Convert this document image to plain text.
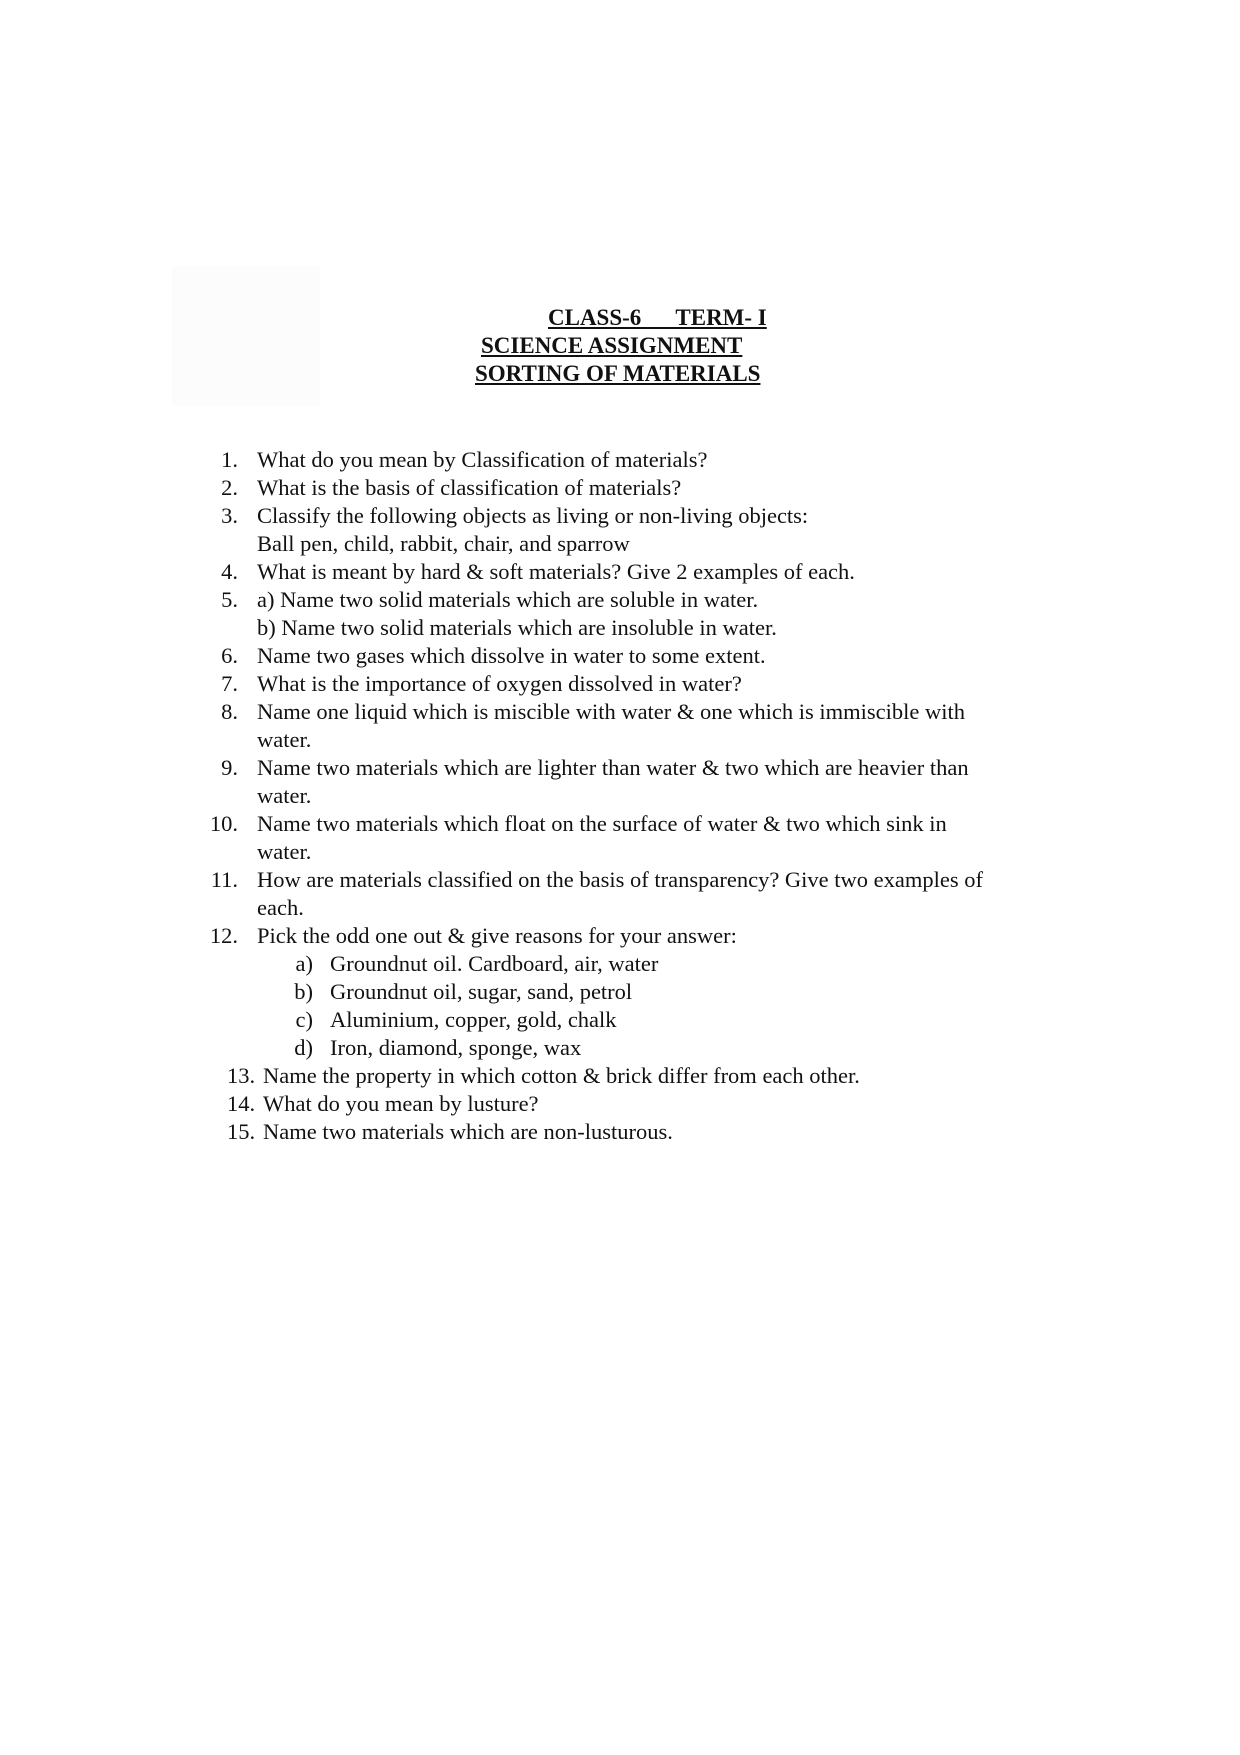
CLASS-6      TERM- I
SCIENCE ASSIGNMENT
SORTING OF MATERIALS
1. What do you mean by Classification of materials?
2. What is the basis of classification of materials?
3. Classify the following objects as living or non-living objects:
Ball pen, child, rabbit, chair, and sparrow
4. What is meant by hard & soft materials? Give 2 examples of each.
5. a) Name two solid materials which are soluble in water.
b) Name two solid materials which are insoluble in water.
6. Name two gases which dissolve in water to some extent.
7. What is the importance of oxygen dissolved in water?
8. Name one liquid which is miscible with water & one which is immiscible with
water.
9. Name two materials which are lighter than water & two which are heavier than
water.
10. Name two materials which float on the surface of water & two which sink in
water.
11. How are materials classified on the basis of transparency? Give two examples of
each.
12. Pick the odd one out & give reasons for your answer:
a) Groundnut oil. Cardboard, air, water
b) Groundnut oil, sugar, sand, petrol
c) Aluminium, copper, gold, chalk
d) Iron, diamond, sponge, wax
13. Name the property in which cotton & brick differ from each other.
14. What do you mean by lusture?
15. Name two materials which are non-lusturous.
